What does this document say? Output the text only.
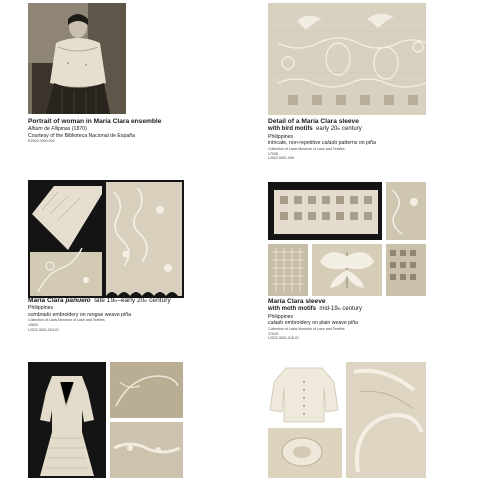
Portrait of woman in María Clara ensemble
Album de Filipinas (1870)
Courtesy of the Biblioteca Nacional de España
R2022.0000.002
Detail of a María Clara sleeve
with bird motifs early 20th century
Philippines
intricate, non-repetitive calado patterns on piña
Collection of Lacis Museum of Lace and Textiles
17026
L2022.0001.006
María Clara pañuelo late 19th–early 20th century
Philippines
sombrado embroidery on rengue weave piña
Collection of Lacis Museum of Lace and Textiles
10653
L2022.0001.003.01
María Clara sleeve
with moth motifs mid-19th century
Philippines
calado embroidery on plain weave piña
Collection of Lacis Museum of Lace and Textiles
17015
L2022.0001.016.01
